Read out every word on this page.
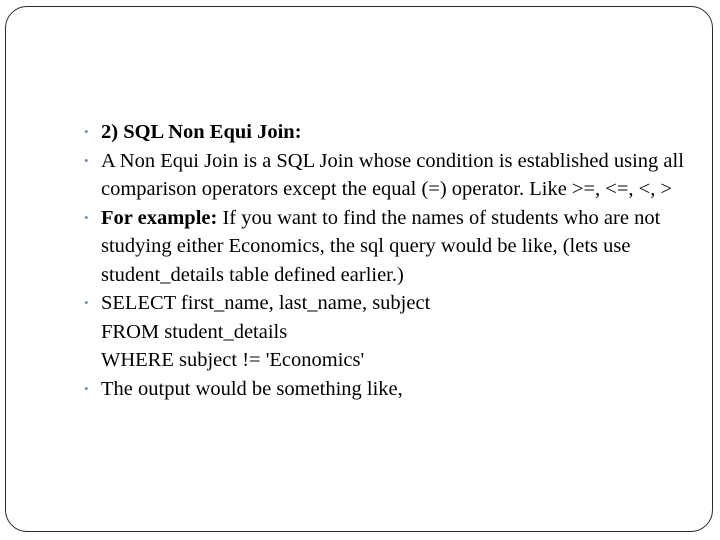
• 2) SQL Non Equi Join:
• A Non Equi Join is a SQL Join whose condition is established using all comparison operators except the equal (=) operator. Like >=, <=, <, >
• For example: If you want to find the names of students who are not studying either Economics, the sql query would be like, (lets use student_details table defined earlier.)
• SELECT first_name, last_name, subject
FROM student_details
WHERE subject != 'Economics'
• The output would be something like,
